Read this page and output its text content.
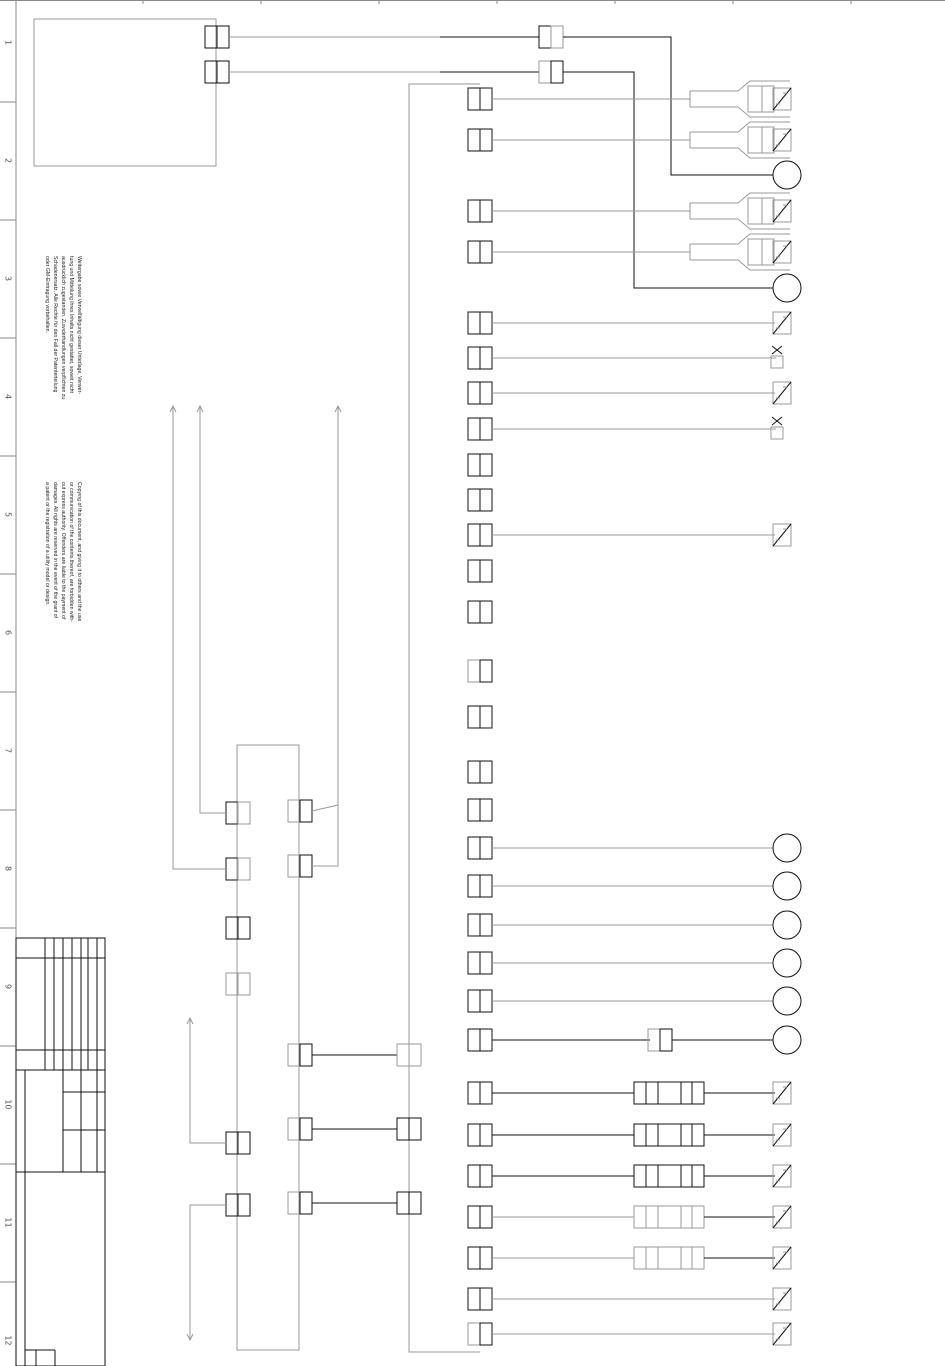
1
2
3
4
5
6
7
8
9
10
11
12
Weitergabe sowie Vervielfältigung dieser Unterlage, Verwer-
tung und Mitteilung ihres Inhalts nicht gestattet, soweit nicht
ausdrücklich zugestanden. Zuwiderhandlungen verpflichten zu
Schadenersatz. Alle Rechte für den Fall der Patenterteilung
oder GM-Eintragung vorbehalten.
Copying of this document, and giving it to others and the use
or communication of the contents thereof, are forbidden with-
out express authority. Offenders are liable to the payment of
damages. All rights are reserved in the event of the grant of
a patent or the registration of a utility model or design.
